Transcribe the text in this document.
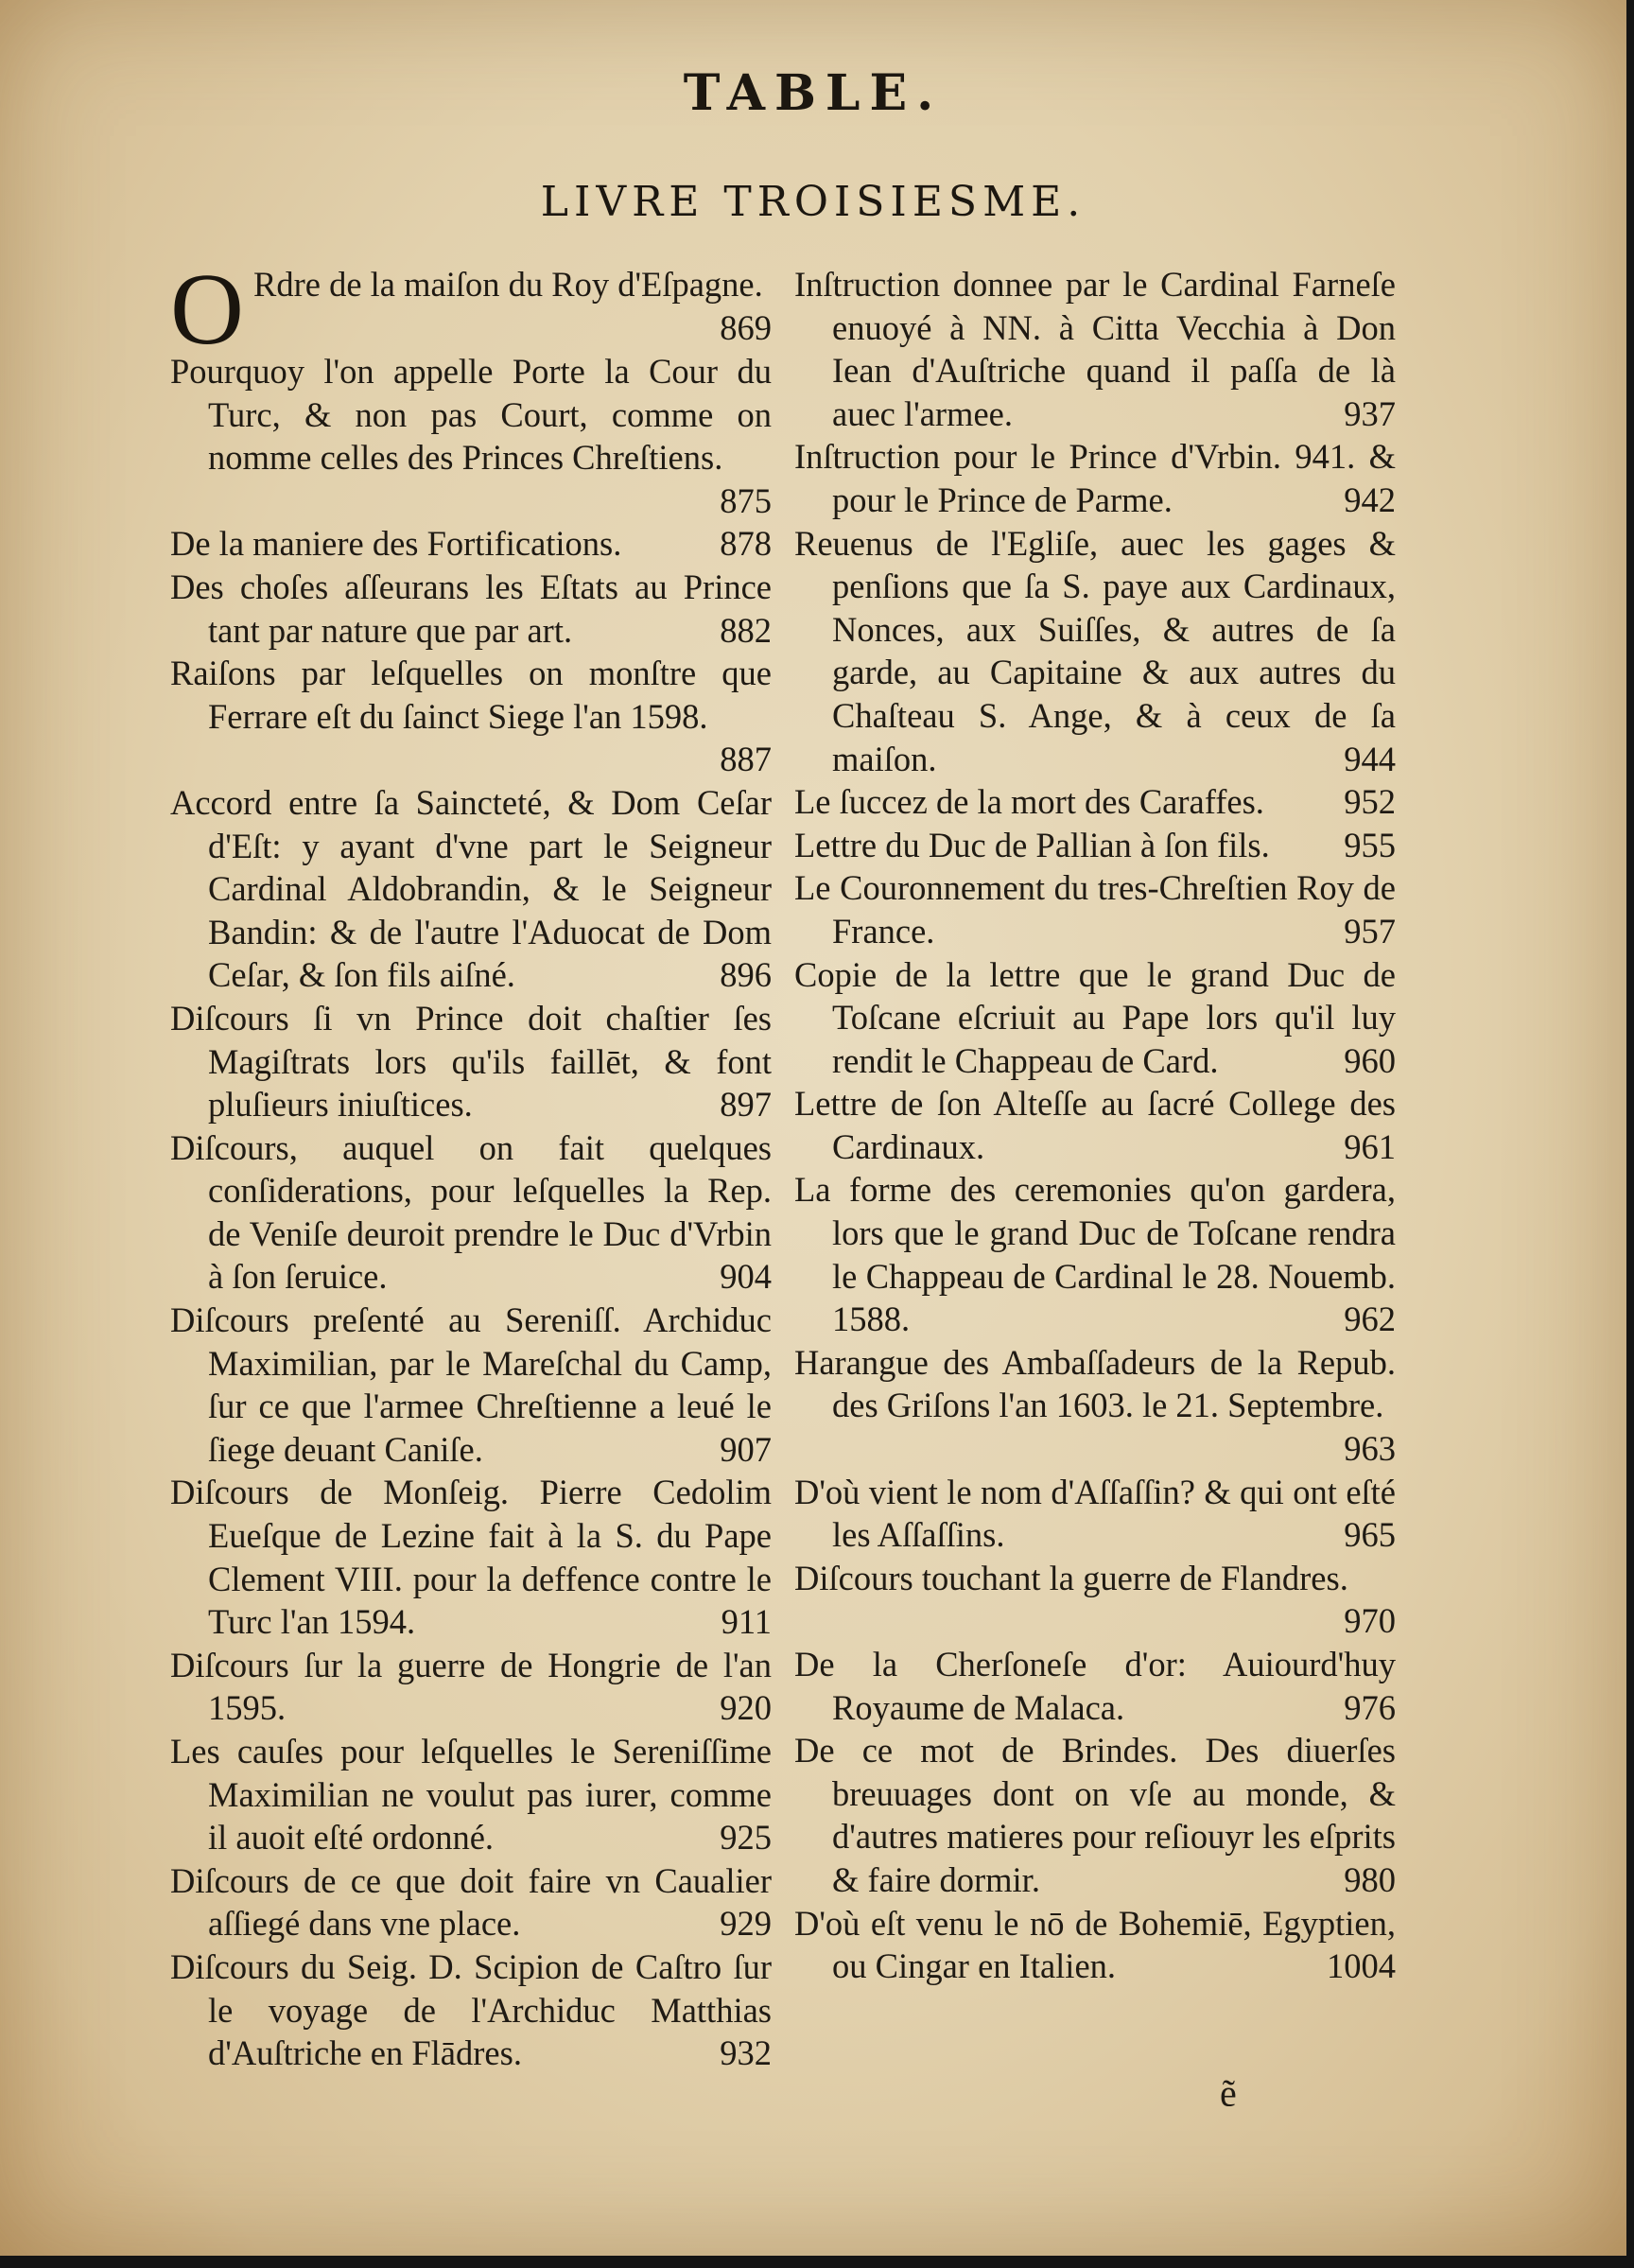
TABLE.
LIVRE TROISIESME.
O Rdre de la maiſon du Roy d'Eſpagne.
869
Pourquoy l'on appelle Porte la Cour du Turc, & non pas Court, comme on nomme celles des Princes Chreſtiens.
875
De la maniere des Fortifications.	878
Des choſes aſſeurans les Eſtats au Prince tant par nature que par art.	882
Raiſons par leſquelles on monſtre que Ferrare eſt du ſainct Siege l'an 1598.
887
Accord entre ſa Saincteté, & Dom Ceſar d'Eſt: y ayant d'vne part le Seigneur Cardinal Aldobrandin, & le Seigneur Bandin: & de l'autre l'Aduocat de Dom Ceſar, & ſon fils aiſné.	896
Diſcours ſi vn Prince doit chaſtier ſes Magiſtrats lors qu'ils faillēt, & font pluſieurs iniuſtices.	897
Diſcours, auquel on fait quelques conſiderations, pour leſquelles la Rep. de Veniſe deuroit prendre le Duc d'Vrbin à ſon ſeruice.	904
Diſcours preſenté au Sereniſſ. Archiduc Maximilian, par le Mareſchal du Camp, ſur ce que l'armee Chreſtienne a leué le ſiege deuant Caniſe.	907
Diſcours de Monſeig. Pierre Cedolim Eueſque de Lezine fait à la S. du Pape Clement VIII. pour la deffence contre le Turc l'an 1594.	911
Diſcours ſur la guerre de Hongrie de l'an 1595.	920
Les cauſes pour leſquelles le Sereniſſime Maximilian ne voulut pas iurer, comme il auoit eſté ordonné.	925
Diſcours de ce que doit faire vn Caualier aſſiegé dans vne place.	929
Diſcours du Seig. D. Scipion de Caſtro ſur le voyage de l'Archiduc Matthias d'Auſtriche en Flādres.	932
Inſtruction donnee par le Cardinal Farneſe enuoyé à NN. à Citta Vecchia à Don Iean d'Auſtriche quand il paſſa de là auec l'armee.	937
Inſtruction pour le Prince d'Vrbin. 941. & pour le Prince de Parme.	942
Reuenus de l'Egliſe, auec les gages & penſions que ſa S. paye aux Cardinaux, Nonces, aux Suiſſes, & autres de ſa garde, au Capitaine & aux autres du Chaſteau S. Ange, & à ceux de ſa maiſon.	944
Le ſuccez de la mort des Caraffes.	952
Lettre du Duc de Pallian à ſon fils.	955
Le Couronnement du tres-Chreſtien Roy de France.	957
Copie de la lettre que le grand Duc de Toſcane eſcriuit au Pape lors qu'il luy rendit le Chappeau de Card.	960
Lettre de ſon Alteſſe au ſacré College des Cardinaux.	961
La forme des ceremonies qu'on gardera, lors que le grand Duc de Toſcane rendra le Chappeau de Cardinal le 28. Nouemb. 1588.	962
Harangue des Ambaſſadeurs de la Repub. des Griſons l'an 1603. le 21. Septembre.
963
D'où vient le nom d'Aſſaſſin? & qui ont eſté les Aſſaſſins.	965
Diſcours touchant la guerre de Flandres.
970
De la Cherſoneſe d'or: Auiourd'huy Royaume de Malaca.	976
De ce mot de Brindes. Des diuerſes breuuages dont on vſe au monde, & d'autres matieres pour reſiouyr les eſprits & faire dormir.	980
D'où eſt venu le nō de Bohemiē, Egyptien, ou Cingar en Italien.	1004
ẽ
